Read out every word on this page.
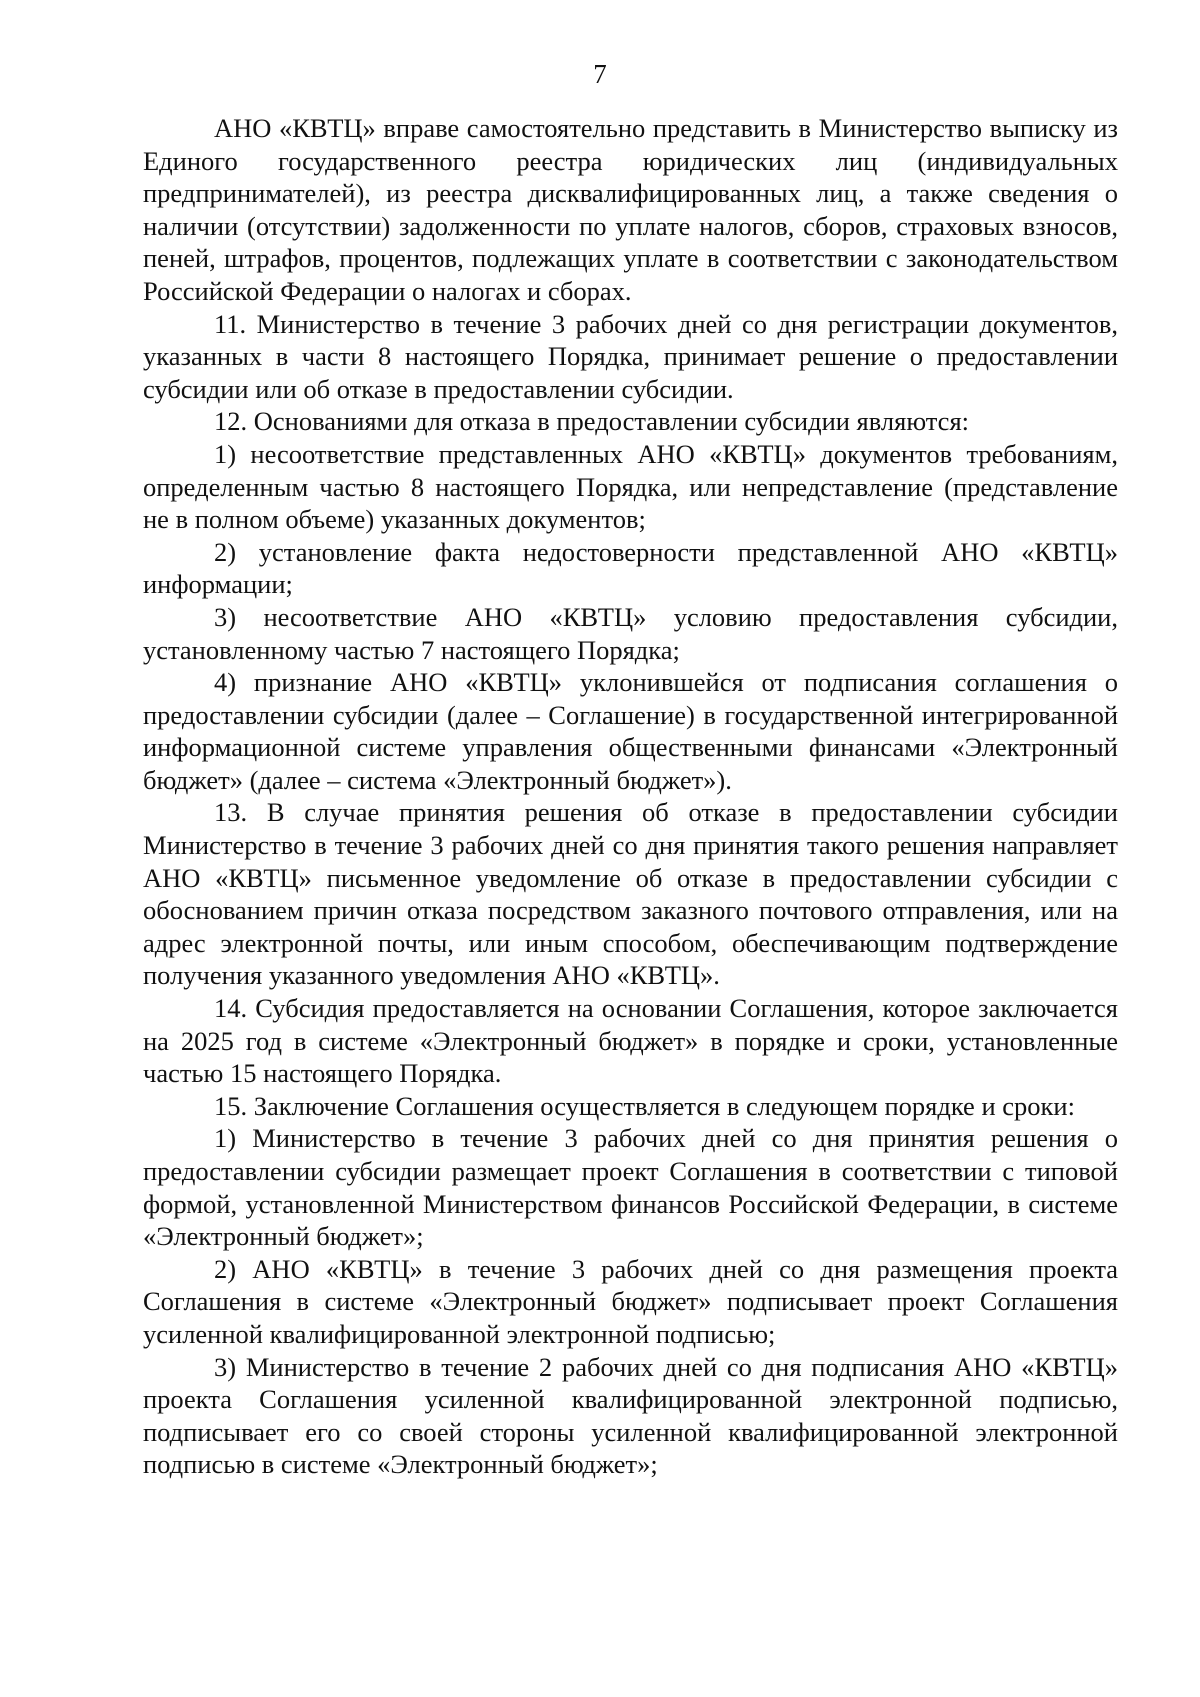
7

АНО «КВТЦ» вправе самостоятельно представить в Министерство выписку из Единого государственного реестра юридических лиц (индивидуальных предпринимателей), из реестра дисквалифицированных лиц, а также сведения о наличии (отсутствии) задолженности по уплате налогов, сборов, страховых взносов, пеней, штрафов, процентов, подлежащих уплате в соответствии с законодательством Российской Федерации о налогах и сборах.

11. Министерство в течение 3 рабочих дней со дня регистрации документов, указанных в части 8 настоящего Порядка, принимает решение о предоставлении субсидии или об отказе в предоставлении субсидии.

12. Основаниями для отказа в предоставлении субсидии являются:

1) несоответствие представленных АНО «КВТЦ» документов требованиям, определенным частью 8 настоящего Порядка, или непредставление (представление не в полном объеме) указанных документов;

2) установление факта недостоверности представленной АНО «КВТЦ» информации;

3) несоответствие АНО «КВТЦ» условию предоставления субсидии, установленному частью 7 настоящего Порядка;

4) признание АНО «КВТЦ» уклонившейся от подписания соглашения о предоставлении субсидии (далее – Соглашение) в государственной интегрированной информационной системе управления общественными финансами «Электронный бюджет» (далее – система «Электронный бюджет»).

13. В случае принятия решения об отказе в предоставлении субсидии Министерство в течение 3 рабочих дней со дня принятия такого решения направляет АНО «КВТЦ» письменное уведомление об отказе в предоставлении субсидии с обоснованием причин отказа посредством заказного почтового отправления, или на адрес электронной почты, или иным способом, обеспечивающим подтверждение получения указанного уведомления АНО «КВТЦ».

14. Субсидия предоставляется на основании Соглашения, которое заключается на 2025 год в системе «Электронный бюджет» в порядке и сроки, установленные частью 15 настоящего Порядка.

15. Заключение Соглашения осуществляется в следующем порядке и сроки:

1) Министерство в течение 3 рабочих дней со дня принятия решения о предоставлении субсидии размещает проект Соглашения в соответствии с типовой формой, установленной Министерством финансов Российской Федерации, в системе «Электронный бюджет»;

2) АНО «КВТЦ» в течение 3 рабочих дней со дня размещения проекта Соглашения в системе «Электронный бюджет» подписывает проект Соглашения усиленной квалифицированной электронной подписью;

3) Министерство в течение 2 рабочих дней со дня подписания АНО «КВТЦ» проекта Соглашения усиленной квалифицированной электронной подписью, подписывает его со своей стороны усиленной квалифицированной электронной подписью в системе «Электронный бюджет»;
